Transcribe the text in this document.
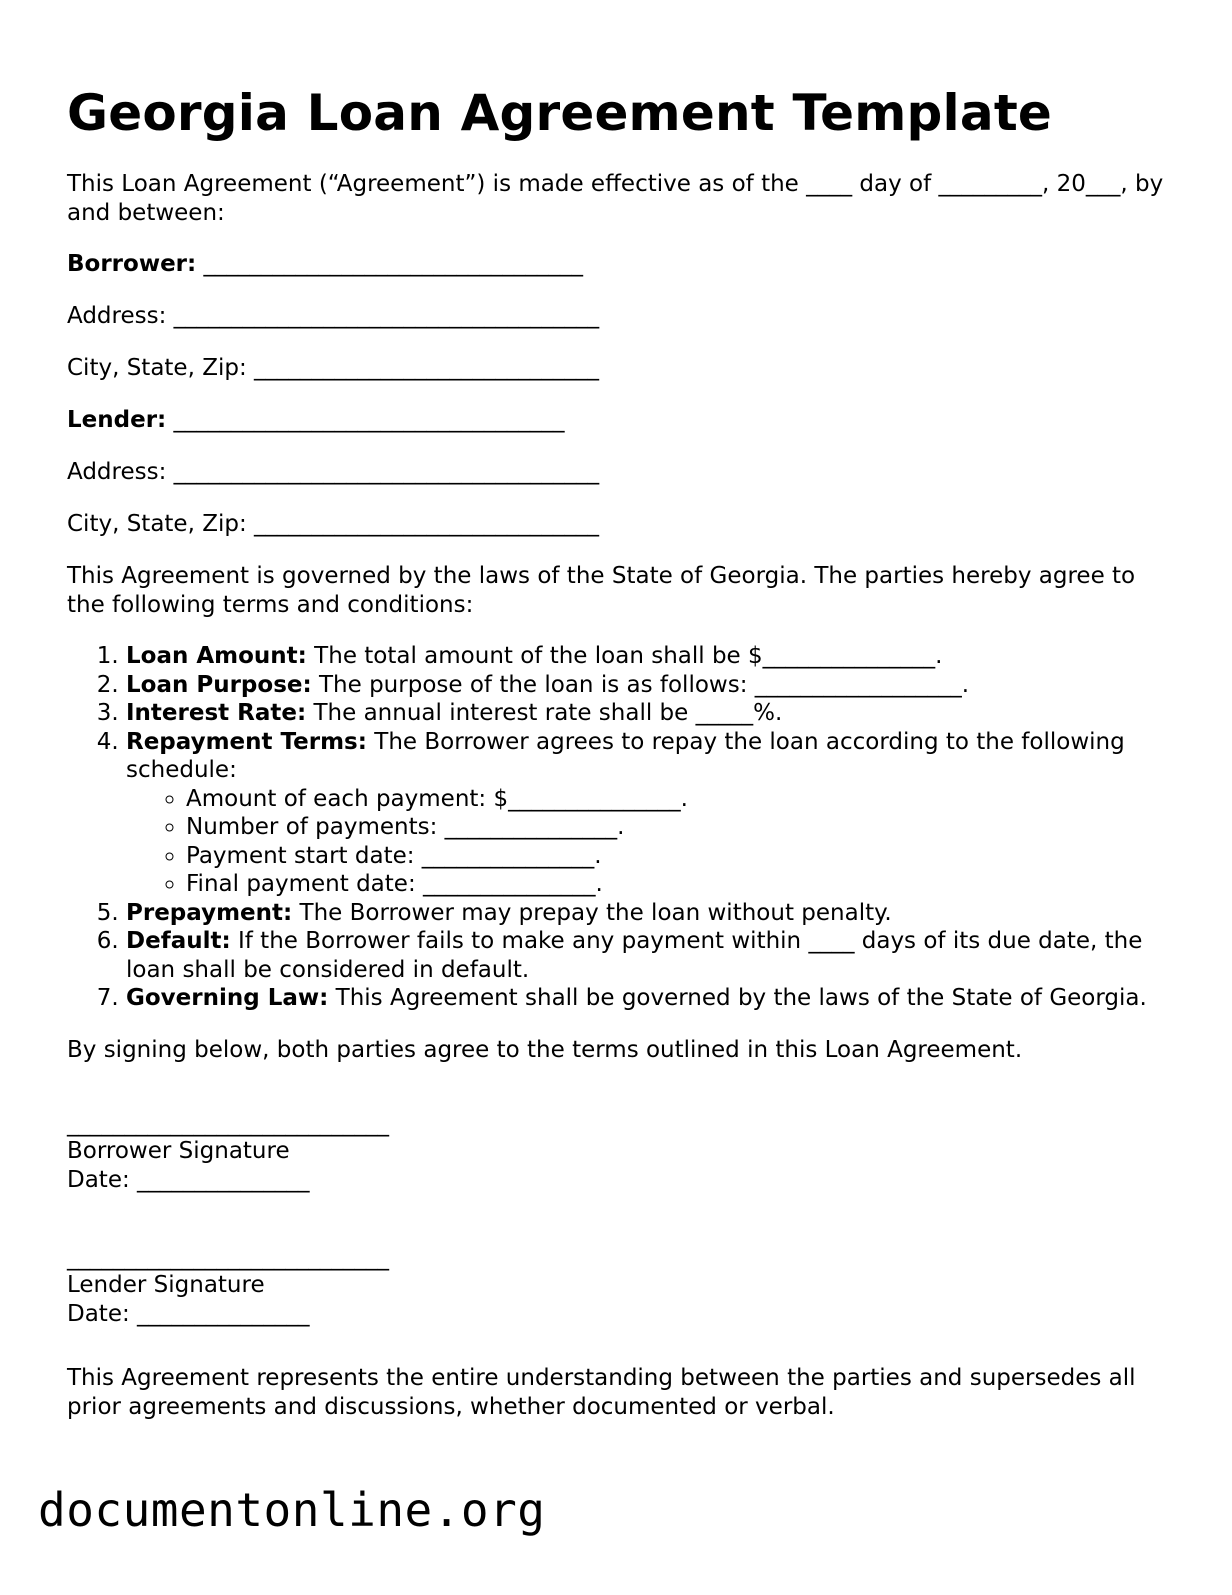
Georgia Loan Agreement Template

This Loan Agreement (“Agreement”) is made effective as of the ____ day of _________, 20___, by and between:

Borrower: _________________________________
Address: _____________________________________
City, State, Zip: ______________________________
Lender: __________________________________
Address: _____________________________________
City, State, Zip: ______________________________

This Agreement is governed by the laws of the State of Georgia. The parties hereby agree to the following terms and conditions:

1. Loan Amount: The total amount of the loan shall be $_______________.
2. Loan Purpose: The purpose of the loan is as follows: __________________.
3. Interest Rate: The annual interest rate shall be _____%.
4. Repayment Terms: The Borrower agrees to repay the loan according to the following schedule:
◦ Amount of each payment: $_______________.
◦ Number of payments: _______________.
◦ Payment start date: _______________.
◦ Final payment date: _______________.
5. Prepayment: The Borrower may prepay the loan without penalty.
6. Default: If the Borrower fails to make any payment within ____ days of its due date, the loan shall be considered in default.
7. Governing Law: This Agreement shall be governed by the laws of the State of Georgia.

By signing below, both parties agree to the terms outlined in this Loan Agreement.

____________________________
Borrower Signature
Date: _______________
____________________________
Lender Signature
Date: _______________

This Agreement represents the entire understanding between the parties and supersedes all prior agreements and discussions, whether documented or verbal.

documentonline.org
